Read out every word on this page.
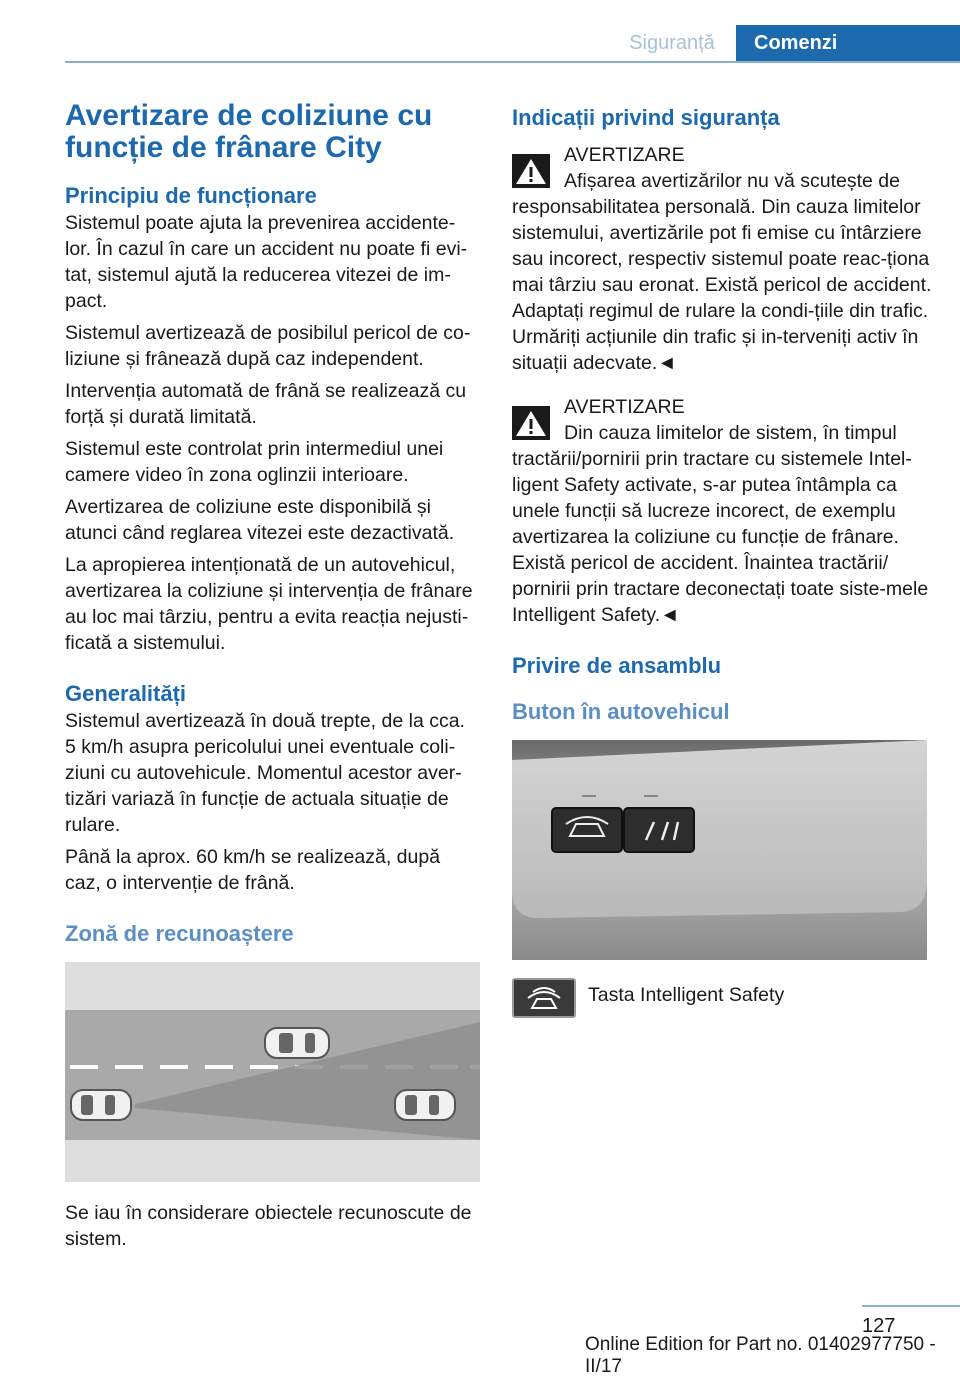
Siguranță	Comenzi
Avertizare de coliziune cu funcție de frânare City
Principiu de funcționare

Sistemul poate ajuta la prevenirea accidente-lor. În cazul în care un accident nu poate fi evi-tat, sistemul ajută la reducerea vitezei de im-pact.

Sistemul avertizează de posibilul pericol de co-liziune și frânează după caz independent.

Intervenția automată de frână se realizează cu forță și durată limitată.

Sistemul este controlat prin intermediul unei camere video în zona oglinzii interioare.

Avertizarea de coliziune este disponibilă și atunci când reglarea vitezei este dezactivată.

La apropierea intenționată de un autovehicul, avertizarea la coliziune și intervenția de frânare au loc mai târziu, pentru a evita reacția nejusti-ficată a sistemului.

Generalități

Sistemul avertizează în două trepte, de la cca. 5 km/h asupra pericolului unei eventuale coli-ziuni cu autovehicule. Momentul acestor aver-tizări variază în funcție de actuala situație de rulare.

Până la aprox. 60 km/h se realizează, după caz, o intervenție de frână.

Zonă de recunoaștere

Se iau în considerare obiectele recunoscute de sistem.

Indicații privind siguranța

AVERTIZARE

Afișarea avertizărilor nu vă scutește de responsabilitatea personală. Din cauza limitelor sistemului, avertizările pot fi emise cu întârziere sau incorect, respectiv sistemul poate reac-ționa mai târziu sau eronat. Există pericol de accident. Adaptați regimul de rulare la condi-țiile din trafic. Urmăriți acțiunile din trafic și in-terveniți activ în situații adecvate.◄

AVERTIZARE

Din cauza limitelor de sistem, în timpul tractării/pornirii prin tractare cu sistemele Intel-ligent Safety activate, s-ar putea întâmpla ca unele funcții să lucreze incorect, de exemplu avertizarea la coliziune cu funcție de frânare. Există pericol de accident. Înaintea tractării/ pornirii prin tractare deconectați toate siste-mele Intelligent Safety.◄

Privire de ansamblu
Buton în autovehicul
Tasta Intelligent Safety
127
Online Edition for Part no. 01402977750 - II/17
